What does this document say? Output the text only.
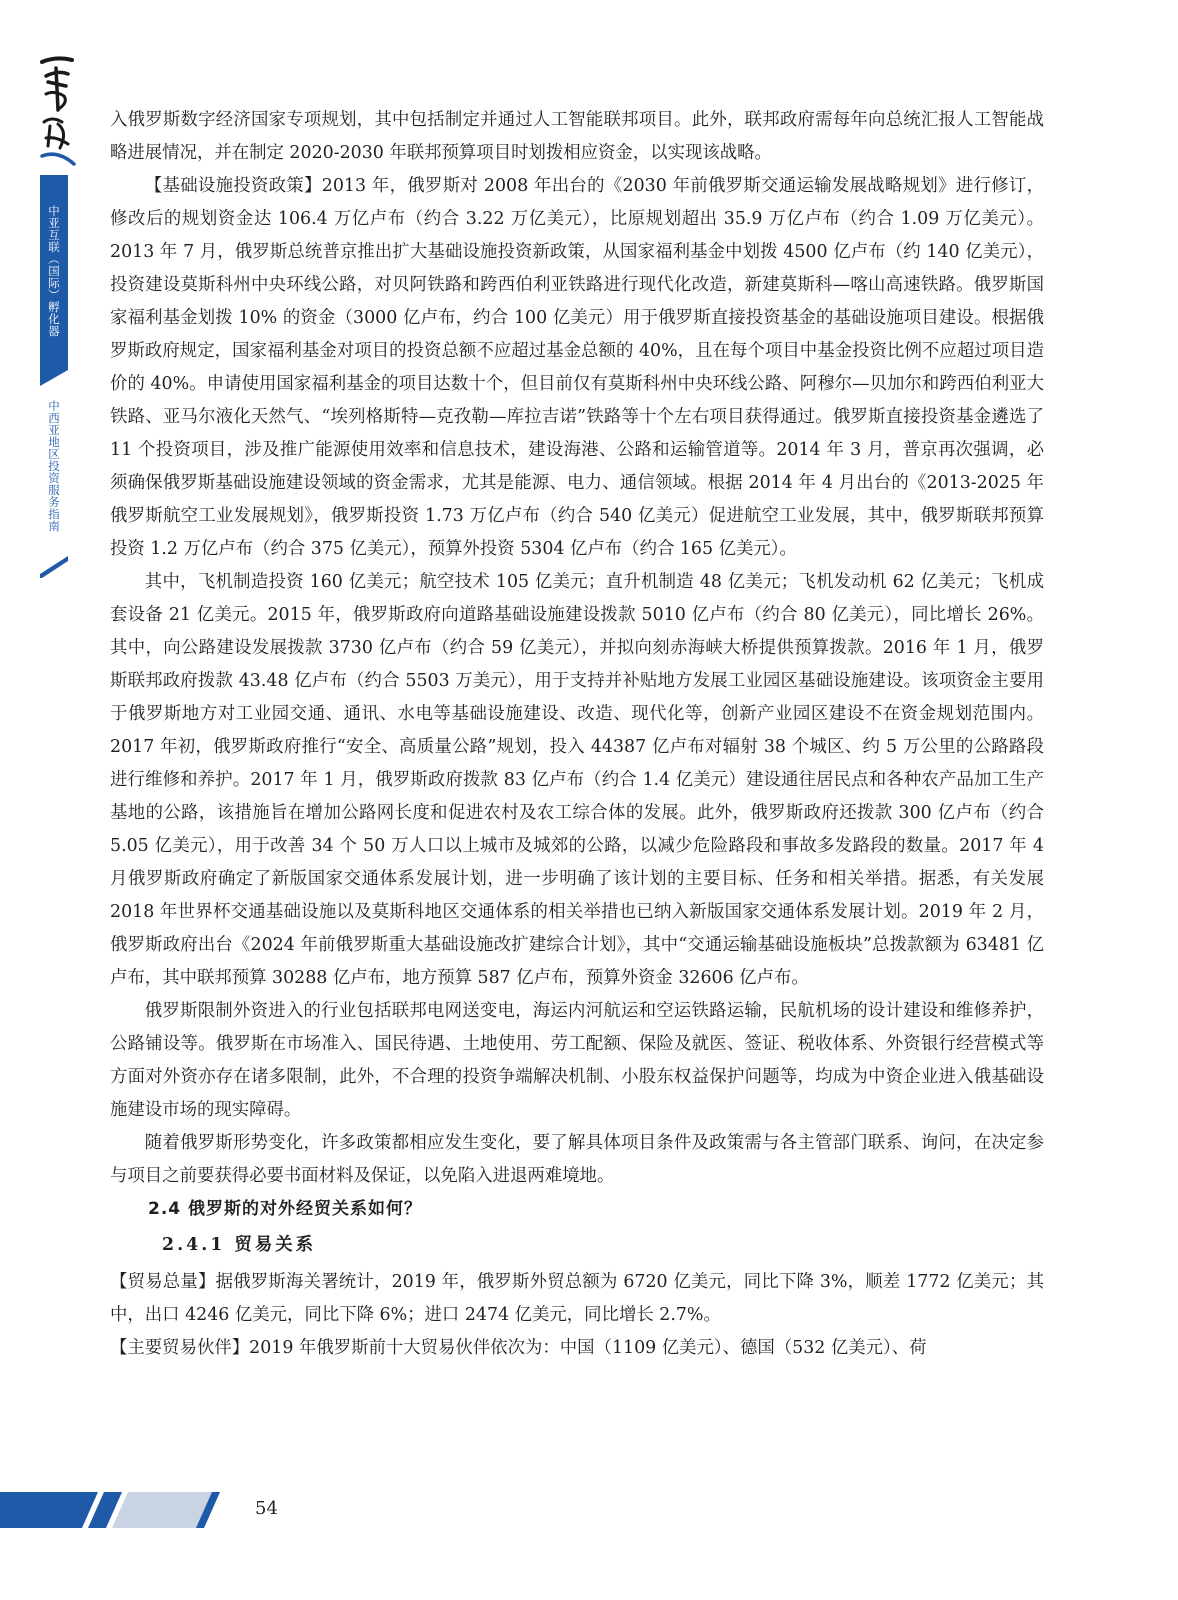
中亚互联（国际）孵化器
中西亚地区投资服务指南

入俄罗斯数字经济国家专项规划，其中包括制定并通过人工智能联邦项目。此外，联邦政府需每年向总统汇报人工智能战略进展情况，并在制定 2020-2030 年联邦预算项目时划拨相应资金，以实现该战略。

【基础设施投资政策】2013 年，俄罗斯对 2008 年出台的《2030 年前俄罗斯交通运输发展战略规划》进行修订，修改后的规划资金达 106.4 万亿卢布（约合 3.22 万亿美元），比原规划超出 35.9 万亿卢布（约合 1.09 万亿美元）。2013 年 7 月，俄罗斯总统普京推出扩大基础设施投资新政策，从国家福利基金中划拨 4500 亿卢布（约 140 亿美元），投资建设莫斯科州中央环线公路，对贝阿铁路和跨西伯利亚铁路进行现代化改造，新建莫斯科—喀山高速铁路。俄罗斯国家福利基金划拨 10% 的资金（3000 亿卢布，约合 100 亿美元）用于俄罗斯直接投资基金的基础设施项目建设。根据俄罗斯政府规定，国家福利基金对项目的投资总额不应超过基金总额的 40%，且在每个项目中基金投资比例不应超过项目造价的 40%。申请使用国家福利基金的项目达数十个，但目前仅有莫斯科州中央环线公路、阿穆尔—贝加尔和跨西伯利亚大铁路、亚马尔液化天然气、“埃列格斯特—克孜勒—库拉吉诺”铁路等十个左右项目获得通过。俄罗斯直接投资基金遴选了 11 个投资项目，涉及推广能源使用效率和信息技术，建设海港、公路和运输管道等。2014 年 3 月，普京再次强调，必须确保俄罗斯基础设施建设领域的资金需求，尤其是能源、电力、通信领域。根据 2014 年 4 月出台的《2013-2025 年俄罗斯航空工业发展规划》，俄罗斯投资 1.73 万亿卢布（约合 540 亿美元）促进航空工业发展，其中，俄罗斯联邦预算投资 1.2 万亿卢布（约合 375 亿美元），预算外投资 5304 亿卢布（约合 165 亿美元）。

其中，飞机制造投资 160 亿美元；航空技术 105 亿美元；直升机制造 48 亿美元；飞机发动机 62 亿美元；飞机成套设备 21 亿美元。2015 年，俄罗斯政府向道路基础设施建设拨款 5010 亿卢布（约合 80 亿美元），同比增长 26%。其中，向公路建设发展拨款 3730 亿卢布（约合 59 亿美元），并拟向刻赤海峡大桥提供预算拨款。2016 年 1 月，俄罗斯联邦政府拨款 43.48 亿卢布（约合 5503 万美元），用于支持并补贴地方发展工业园区基础设施建设。该项资金主要用于俄罗斯地方对工业园交通、通讯、水电等基础设施建设、改造、现代化等，创新产业园区建设不在资金规划范围内。2017 年初，俄罗斯政府推行“安全、高质量公路”规划，投入 44387 亿卢布对辐射 38 个城区、约 5 万公里的公路路段进行维修和养护。2017 年 1 月，俄罗斯政府拨款 83 亿卢布（约合 1.4 亿美元）建设通往居民点和各种农产品加工生产基地的公路，该措施旨在增加公路网长度和促进农村及农工综合体的发展。此外，俄罗斯政府还拨款 300 亿卢布（约合 5.05 亿美元），用于改善 34 个 50 万人口以上城市及城郊的公路，以减少危险路段和事故多发路段的数量。2017 年 4 月俄罗斯政府确定了新版国家交通体系发展计划，进一步明确了该计划的主要目标、任务和相关举措。据悉，有关发展 2018 年世界杯交通基础设施以及莫斯科地区交通体系的相关举措也已纳入新版国家交通体系发展计划。2019 年 2 月，俄罗斯政府出台《2024 年前俄罗斯重大基础设施改扩建综合计划》，其中“交通运输基础设施板块”总拨款额为 63481 亿卢布，其中联邦预算 30288 亿卢布，地方预算 587 亿卢布，预算外资金 32606 亿卢布。

俄罗斯限制外资进入的行业包括联邦电网送变电，海运内河航运和空运铁路运输，民航机场的设计建设和维修养护，公路铺设等。俄罗斯在市场准入、国民待遇、土地使用、劳工配额、保险及就医、签证、税收体系、外资银行经营模式等方面对外资亦存在诸多限制，此外，不合理的投资争端解决机制、小股东权益保护问题等，均成为中资企业进入俄基础设施建设市场的现实障碍。

随着俄罗斯形势变化，许多政策都相应发生变化，要了解具体项目条件及政策需与各主管部门联系、询问，在决定参与项目之前要获得必要书面材料及保证，以免陷入进退两难境地。

2.4 俄罗斯的对外经贸关系如何？
2.4.1 贸易关系

【贸易总量】据俄罗斯海关署统计，2019 年，俄罗斯外贸总额为 6720 亿美元，同比下降 3%，顺差 1772 亿美元；其中，出口 4246 亿美元，同比下降 6%；进口 2474 亿美元，同比增长 2.7%。

【主要贸易伙伴】2019 年俄罗斯前十大贸易伙伴依次为：中国（1109 亿美元）、德国（532 亿美元）、荷

54
